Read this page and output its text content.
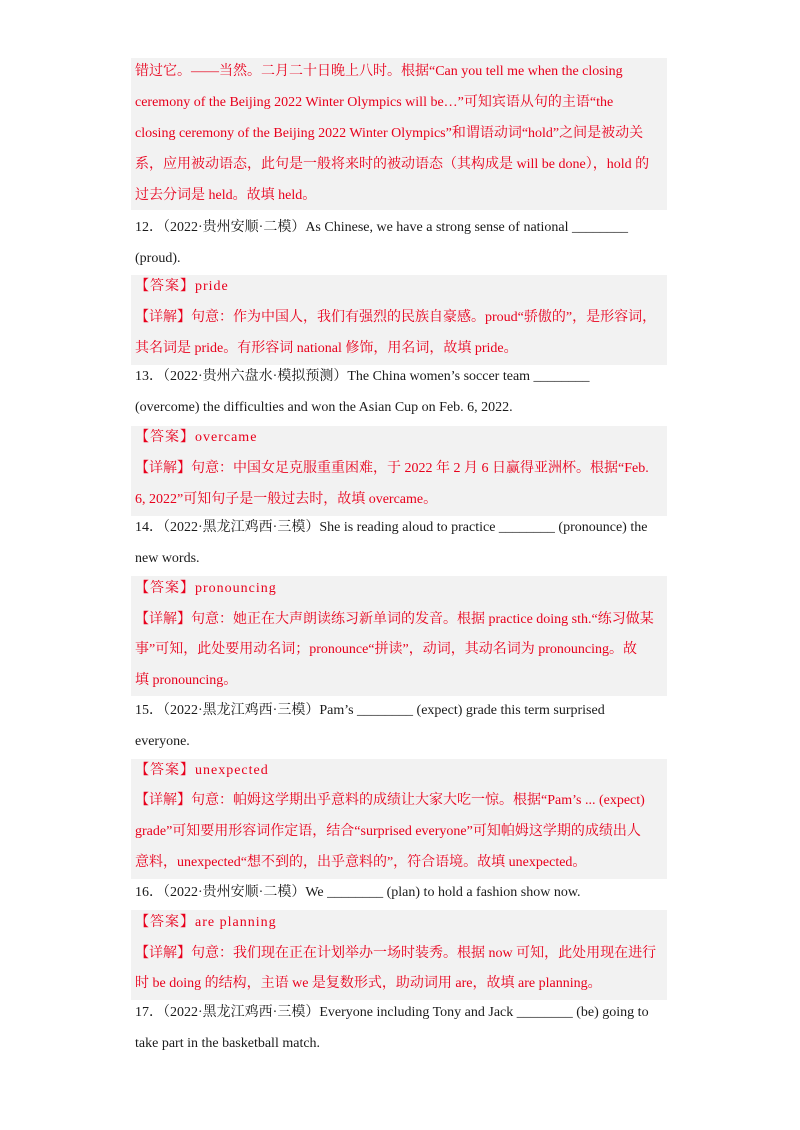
错过它。——当然。二月二十日晚上八时。根据“Can you tell me when the closing
ceremony of the Beijing 2022 Winter Olympics will be…”可知宾语从句的主语“the
closing ceremony of the Beijing 2022 Winter Olympics”和谓语动词“hold”之间是被动关
系，应用被动语态，此句是一般将来时的被动语态（其构成是 will be done），hold 的
过去分词是 held。故填 held。
12．（2022·贵州安顺·二模）As Chinese, we have a strong sense of national ________
(proud).
【答案】pride
【详解】句意：作为中国人，我们有强烈的民族自豪感。proud“骄傲的”，是形容词，
其名词是 pride。有形容词 national 修饰，用名词，故填 pride。
13．（2022·贵州六盘水·模拟预测）The China women’s soccer team ________
(overcome) the difficulties and won the Asian Cup on Feb. 6, 2022.
【答案】overcame
【详解】句意：中国女足克服重重困难，于 2022 年 2 月 6 日赢得亚洲杯。根据“Feb.
6, 2022”可知句子是一般过去时，故填 overcame。
14．（2022·黑龙江鸡西·三模）She is reading aloud to practice ________ (pronounce) the
new words.
【答案】pronouncing
【详解】句意：她正在大声朗读练习新单词的发音。根据 practice doing sth.“练习做某
事”可知，此处要用动名词；pronounce“拼读”，动词，其动名词为 pronouncing。故
填 pronouncing。
15．（2022·黑龙江鸡西·三模）Pam’s ________ (expect) grade this term surprised
everyone.
【答案】unexpected
【详解】句意：帕姆这学期出乎意料的成绩让大家大吃一惊。根据“Pam’s ... (expect)
grade”可知要用形容词作定语，结合“surprised everyone”可知帕姆这学期的成绩出人
意料，unexpected“想不到的，出乎意料的”，符合语境。故填 unexpected。
16．（2022·贵州安顺·二模）We ________ (plan) to hold a fashion show now.
【答案】are planning
【详解】句意：我们现在正在计划举办一场时装秀。根据 now 可知，此处用现在进行
时 be doing 的结构，主语 we 是复数形式，助动词用 are，故填 are planning。
17．（2022·黑龙江鸡西·三模）Everyone including Tony and Jack ________ (be) going to
take part in the basketball match.
